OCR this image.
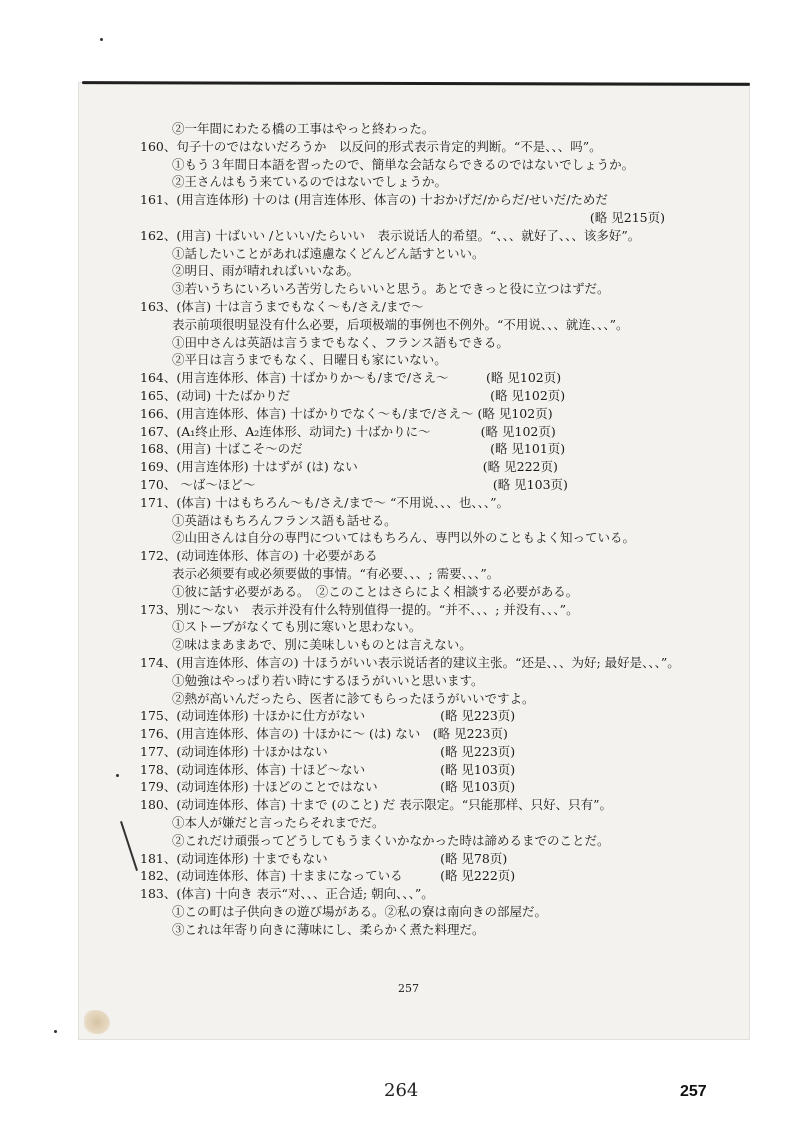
②一年間にわたる橋の工事はやっと終わった。
160、句子十のではないだろうか　以反问的形式表示肯定的判断。“不是、、、吗”。
①もう３年間日本語を習ったので、簡単な会話ならできるのではないでしょうか。
②王さんはもう来ているのではないでしょうか。
161、(用言连体形) 十のは (用言连体形、体言の) 十おかげだ/からだ/せいだ/ためだ
(略 见215页)
162、(用言) 十ばいい /といい/たらいい　表示说话人的希望。“、、、就好了、、、该多好”。
①話したいことがあれば遠慮なくどんどん話すといい。
②明日、雨が晴れればいいなあ。
③若いうちにいろいろ苦労したらいいと思う。あとできっと役に立つはずだ。
163、(体言) 十は言うまでもなく～も/さえ/まで～
表示前项很明显没有什么必要，后项极端的事例也不例外。“不用说、、、就连、、、”。
①田中さんは英語は言うまでもなく、フランス語もできる。
②平日は言うまでもなく、日曜日も家にいない。
164、(用言连体形、体言) 十ばかりか～も/まで/さえ～　　　(略 见102页)
165、(动词) 十たばかりだ　　　　　　　　　　　　　　　　(略 见102页)
166、(用言连体形、体言) 十ばかりでなく～も/まで/さえ～ (略 见102页)
167、(A₁终止形、A₂连体形、动词た) 十ばかりに～　　　　(略 见102页)
168、(用言) 十ばこそ～のだ　　　　　　　　　　　　　　　(略 见101页)
169、(用言连体形) 十はずが (は) ない　　　　　　　　　　(略 见222页)
170、 ～ば～ほど～　　　　　　　　　　　　　　　　　　　(略 见103页)
171、(体言) 十はもちろん～も/さえ/まで～ “不用说、、、也、、、”。
①英語はもちろんフランス語も話せる。
②山田さんは自分の専門についてはもちろん、専門以外のこともよく知っている。
172、(动词连体形、体言の) 十必要がある
表示必须要有或必须要做的事情。“有必要、、、; 需要、、、”。
①彼に話す必要がある。　②このことはさらによく相談する必要がある。
173、別に～ない　表示并没有什么特别值得一提的。“并不、、、; 并没有、、、”。
①ストーブがなくても別に寒いと思わない。
②味はまあまあで、別に美味しいものとは言えない。
174、(用言连体形、体言の) 十ほうがいい表示说话者的建议主张。“还是、、、为好; 最好是、、、”。
①勉強はやっぱり若い時にするほうがいいと思います。
②熱が高いんだったら、医者に診てもらったほうがいいですよ。
175、(动词连体形) 十ほかに仕方がない　　　　　　(略 见223页)
176、(用言连体形、体言の) 十ほかに～ (は) ない　(略 见223页)
177、(动词连体形) 十ほかはない　　　　　　　　　(略 见223页)
178、(动词连体形、体言) 十ほど～ない　　　　　　(略 见103页)
179、(动词连体形) 十ほどのことではない　　　　　(略 见103页)
180、(动词连体形、体言) 十まで (のこと) だ 表示限定。“只能那样、只好、只有”。
①本人が嫌だと言ったらそれまでだ。
②これだけ頑張ってどうしてもうまくいかなかった時は諦めるまでのことだ。
181、(动词连体形) 十までもない　　　　　　　　　(略 见78页)
182、(动词连体形、体言) 十ままになっている　　　(略 见222页)
183、(体言) 十向き 表示“对、、、正合适; 朝向、、、”。
①この町は子供向きの遊び場がある。②私の寮は南向きの部屋だ。
③これは年寄り向きに薄味にし、柔らかく煮た料理だ。
257
264	257
